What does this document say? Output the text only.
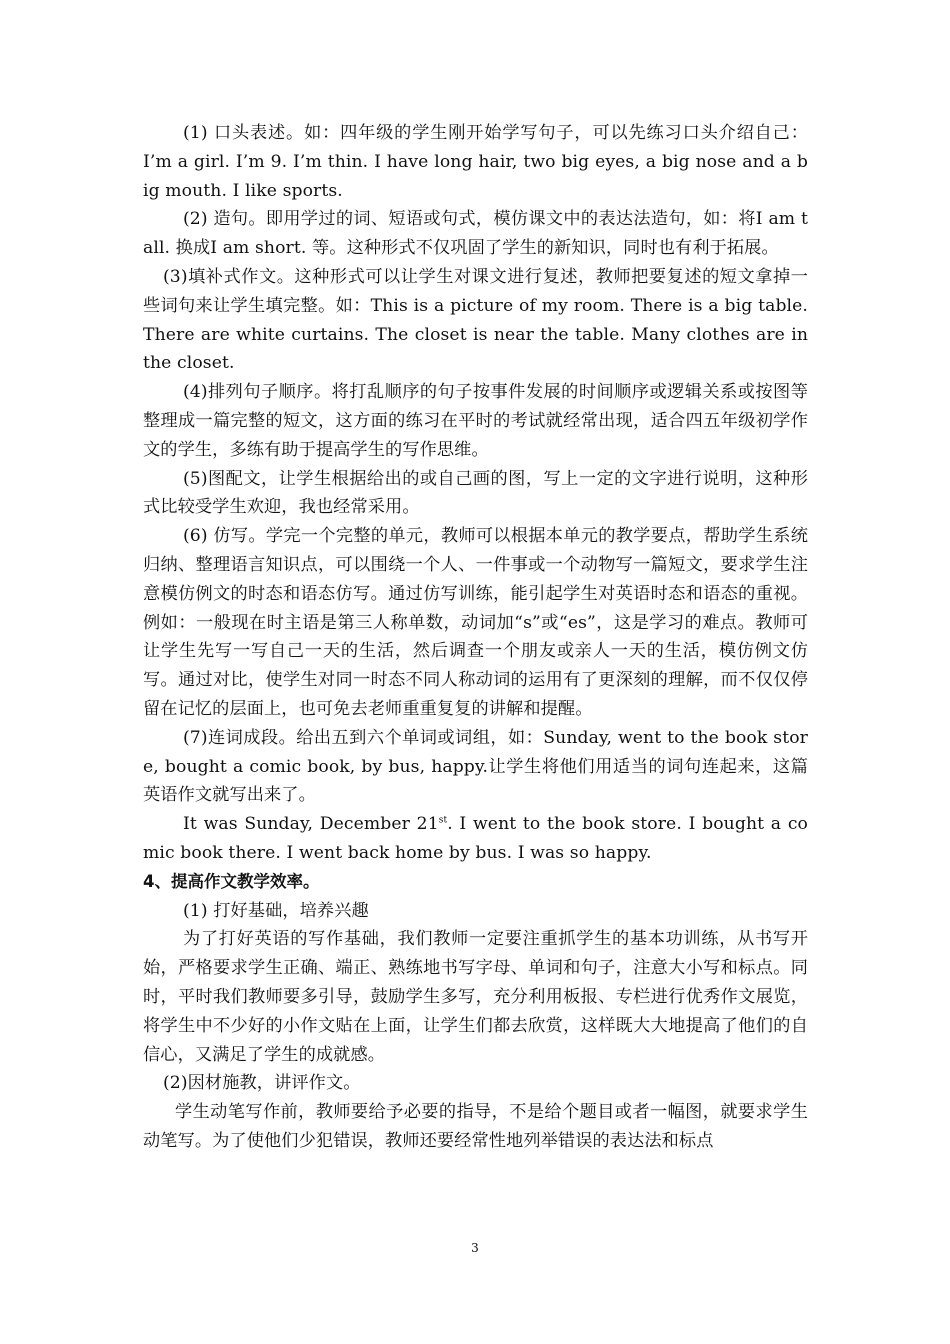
(1) 口头表述。如：四年级的学生刚开始学写句子，可以先练习口头介绍自己：I’m a girl. I’m 9. I’m thin. I have long hair, two big eyes, a big nose and a big mouth. I like sports.

(2) 造句。即用学过的词、短语或句式，模仿课文中的表达法造句，如：将I am tall. 换成I am short. 等。这种形式不仅巩固了学生的新知识，同时也有利于拓展。

(3)填补式作文。这种形式可以让学生对课文进行复述，教师把要复述的短文拿掉一些词句来让学生填完整。如：This is a picture of my room. There is a big table. There are white curtains. The closet is near the table. Many clothes are in the closet.

(4)排列句子顺序。将打乱顺序的句子按事件发展的时间顺序或逻辑关系或按图等整理成一篇完整的短文，这方面的练习在平时的考试就经常出现，适合四五年级初学作文的学生，多练有助于提高学生的写作思维。

(5)图配文，让学生根据给出的或自己画的图，写上一定的文字进行说明，这种形式比较受学生欢迎，我也经常采用。

(6) 仿写。学完一个完整的单元，教师可以根据本单元的教学要点，帮助学生系统归纳、整理语言知识点，可以围绕一个人、一件事或一个动物写一篇短文，要求学生注意模仿例文的时态和语态仿写。通过仿写训练，能引起学生对英语时态和语态的重视。例如：一般现在时主语是第三人称单数，动词加“s”或“es”，这是学习的难点。教师可让学生先写一写自己一天的生活，然后调查一个朋友或亲人一天的生活，模仿例文仿写。通过对比，使学生对同一时态不同人称动词的运用有了更深刻的理解，而不仅仅停留在记忆的层面上，也可免去老师重重复复的讲解和提醒。

(7)连词成段。给出五到六个单词或词组，如：Sunday, went to the book store, bought a comic book, by bus, happy.让学生将他们用适当的词句连起来，这篇英语作文就写出来了。

It was Sunday, December 21st. I went to the book store. I bought a comic book there. I went back home by bus. I was so happy.

4、提高作文教学效率。

(1) 打好基础，培养兴趣

为了打好英语的写作基础，我们教师一定要注重抓学生的基本功训练，从书写开始，严格要求学生正确、端正、熟练地书写字母、单词和句子，注意大小写和标点。同时，平时我们教师要多引导，鼓励学生多写，充分利用板报、专栏进行优秀作文展览，将学生中不少好的小作文贴在上面，让学生们都去欣赏，这样既大大地提高了他们的自信心，又满足了学生的成就感。

(2)因材施教，讲评作文。

学生动笔写作前，教师要给予必要的指导，不是给个题目或者一幅图，就要求学生动笔写。为了使他们少犯错误，教师还要经常性地列举错误的表达法和标点

3
